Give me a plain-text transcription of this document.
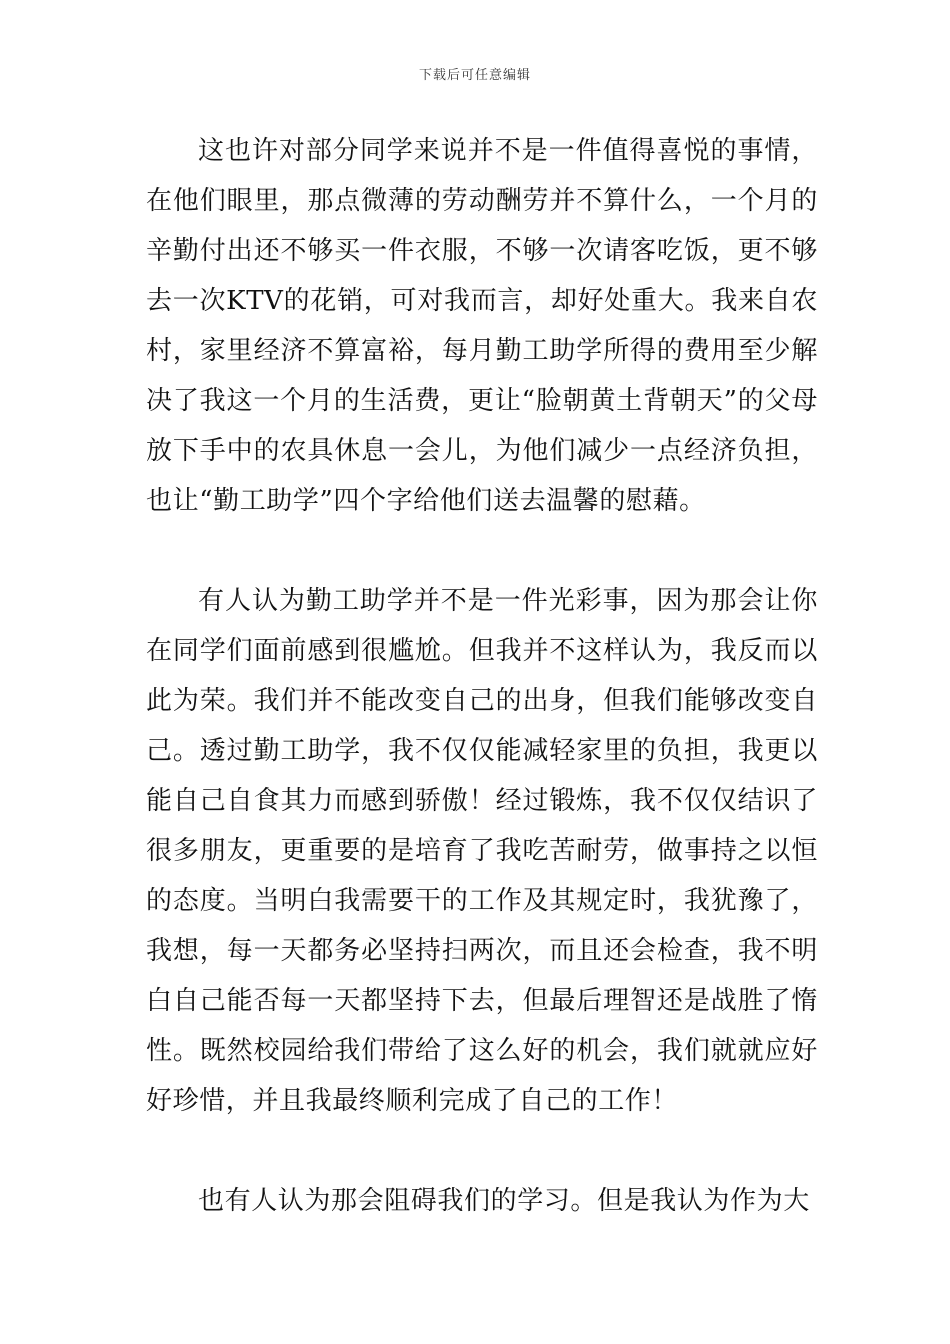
下载后可任意编辑

这也许对部分同学来说并不是一件值得喜悦的事情，在他们眼里，那点微薄的劳动酬劳并不算什么，一个月的辛勤付出还不够买一件衣服，不够一次请客吃饭，更不够去一次KTV的花销，可对我而言，却好处重大。我来自农村，家里经济不算富裕，每月勤工助学所得的费用至少解决了我这一个月的生活费，更让“脸朝黄土背朝天”的父母放下手中的农具休息一会儿，为他们减少一点经济负担，也让“勤工助学”四个字给他们送去温馨的慰藉。

有人认为勤工助学并不是一件光彩事，因为那会让你在同学们面前感到很尴尬。但我并不这样认为，我反而以此为荣。我们并不能改变自己的出身，但我们能够改变自己。透过勤工助学，我不仅仅能减轻家里的负担，我更以能自己自食其力而感到骄傲！经过锻炼，我不仅仅结识了很多朋友，更重要的是培育了我吃苦耐劳，做事持之以恒的态度。当明白我需要干的工作及其规定时，我犹豫了，我想，每一天都务必坚持扫两次，而且还会检查，我不明白自己能否每一天都坚持下去，但最后理智还是战胜了惰性。既然校园给我们带给了这么好的机会，我们就就应好好珍惜，并且我最终顺利完成了自己的工作！

也有人认为那会阻碍我们的学习。但是我认为作为大
